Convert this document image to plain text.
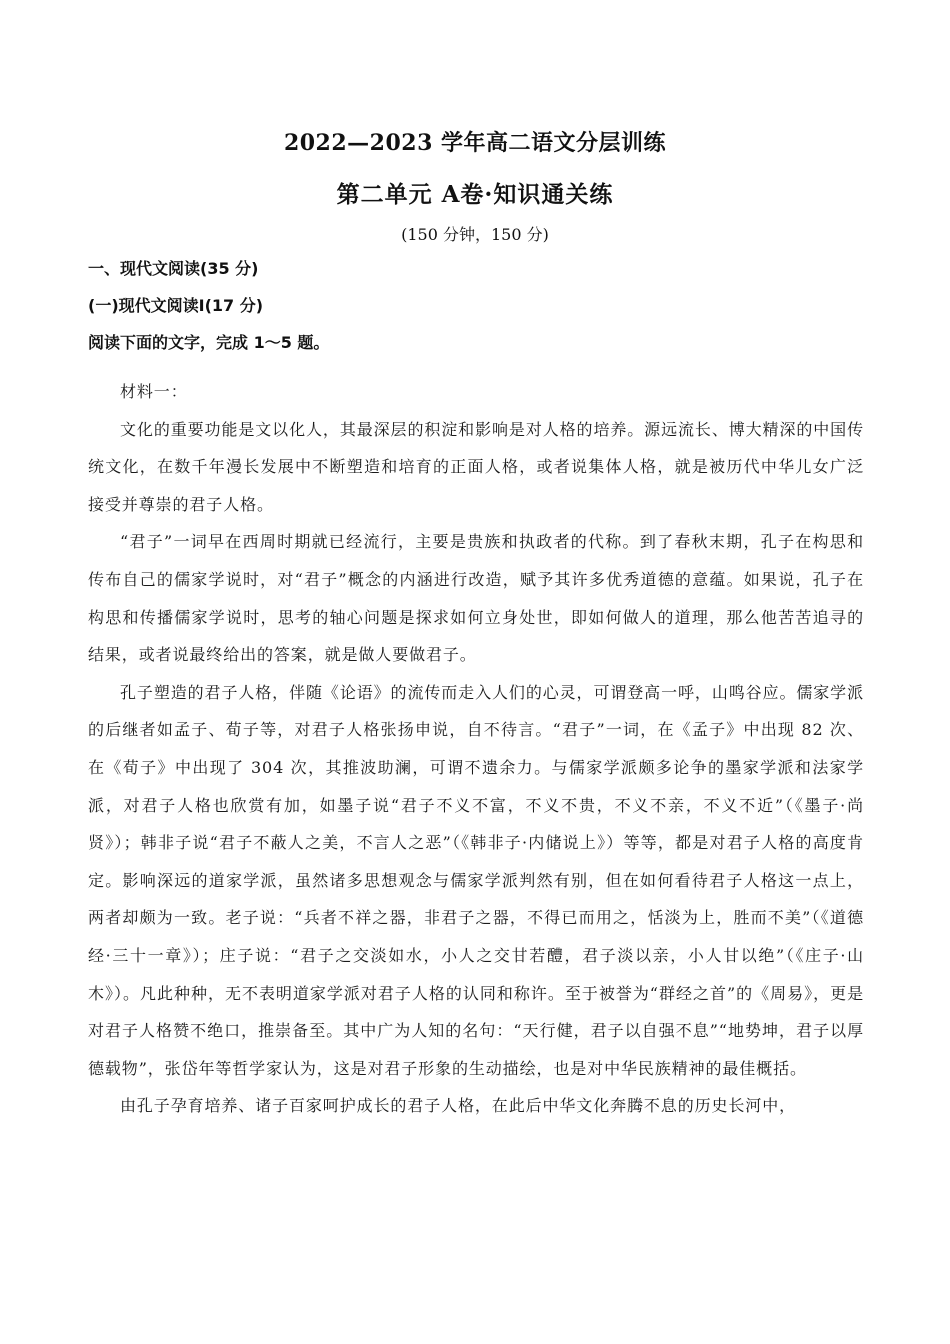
2022—2023 学年高二语文分层训练
第二单元 A卷·知识通关练
(150 分钟，150 分)
一、现代文阅读(35 分)
(一)现代文阅读Ⅰ(17 分)
阅读下面的文字，完成 1～5 题。

材料一：

文化的重要功能是文以化人，其最深层的积淀和影响是对人格的培养。源远流长、博大精深的中国传统文化，在数千年漫长发展中不断塑造和培育的正面人格，或者说集体人格，就是被历代中华儿女广泛接受并尊崇的君子人格。

“君子”一词早在西周时期就已经流行，主要是贵族和执政者的代称。到了春秋末期，孔子在构思和传布自己的儒家学说时，对“君子”概念的内涵进行改造，赋予其许多优秀道德的意蕴。如果说，孔子在构思和传播儒家学说时，思考的轴心问题是探求如何立身处世，即如何做人的道理，那么他苦苦追寻的结果，或者说最终给出的答案，就是做人要做君子。

孔子塑造的君子人格，伴随《论语》的流传而走入人们的心灵，可谓登高一呼，山鸣谷应。儒家学派的后继者如孟子、荀子等，对君子人格张扬申说，自不待言。“君子”一词，在《孟子》中出现 82 次、在《荀子》中出现了 304 次，其推波助澜，可谓不遗余力。与儒家学派颇多论争的墨家学派和法家学派，对君子人格也欣赏有加，如墨子说“君子不义不富，不义不贵，不义不亲，不义不近”（《墨子·尚贤》）；韩非子说“君子不蔽人之美，不言人之恶”（《韩非子·内储说上》）等等，都是对君子人格的高度肯定。影响深远的道家学派，虽然诸多思想观念与儒家学派判然有别，但在如何看待君子人格这一点上，两者却颇为一致。老子说：“兵者不祥之器，非君子之器，不得已而用之，恬淡为上，胜而不美”（《道德经·三十一章》）；庄子说：“君子之交淡如水，小人之交甘若醴，君子淡以亲，小人甘以绝”（《庄子·山木》）。凡此种种，无不表明道家学派对君子人格的认同和称许。至于被誉为“群经之首”的《周易》，更是对君子人格赞不绝口，推崇备至。其中广为人知的名句：“天行健，君子以自强不息”“地势坤，君子以厚德载物”，张岱年等哲学家认为，这是对君子形象的生动描绘，也是对中华民族精神的最佳概括。

由孔子孕育培养、诸子百家呵护成长的君子人格，在此后中华文化奔腾不息的历史长河中，
